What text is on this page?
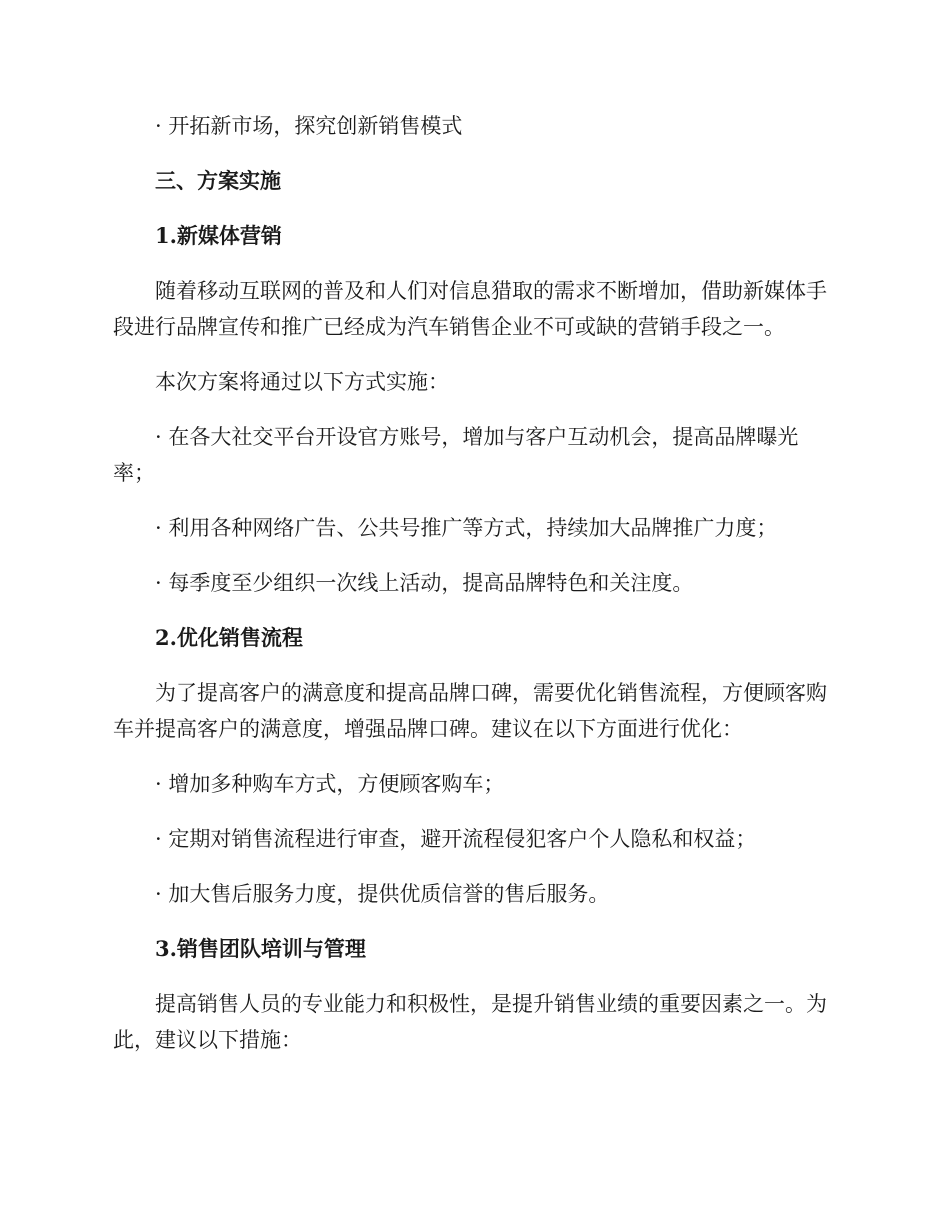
· 开拓新市场，探究创新销售模式

三、方案实施

1.新媒体营销

随着移动互联网的普及和人们对信息猎取的需求不断增加，借助新媒体手段进行品牌宣传和推广已经成为汽车销售企业不可或缺的营销手段之一。

本次方案将通过以下方式实施：

· 在各大社交平台开设官方账号，增加与客户互动机会，提高品牌曝光率；

· 利用各种网络广告、公共号推广等方式，持续加大品牌推广力度；

· 每季度至少组织一次线上活动，提高品牌特色和关注度。

2.优化销售流程

为了提高客户的满意度和提高品牌口碑，需要优化销售流程，方便顾客购车并提高客户的满意度，增强品牌口碑。建议在以下方面进行优化：

· 增加多种购车方式，方便顾客购车；

· 定期对销售流程进行审查，避开流程侵犯客户个人隐私和权益；

· 加大售后服务力度，提供优质信誉的售后服务。

3.销售团队培训与管理

提高销售人员的专业能力和积极性，是提升销售业绩的重要因素之一。为此，建议以下措施：
